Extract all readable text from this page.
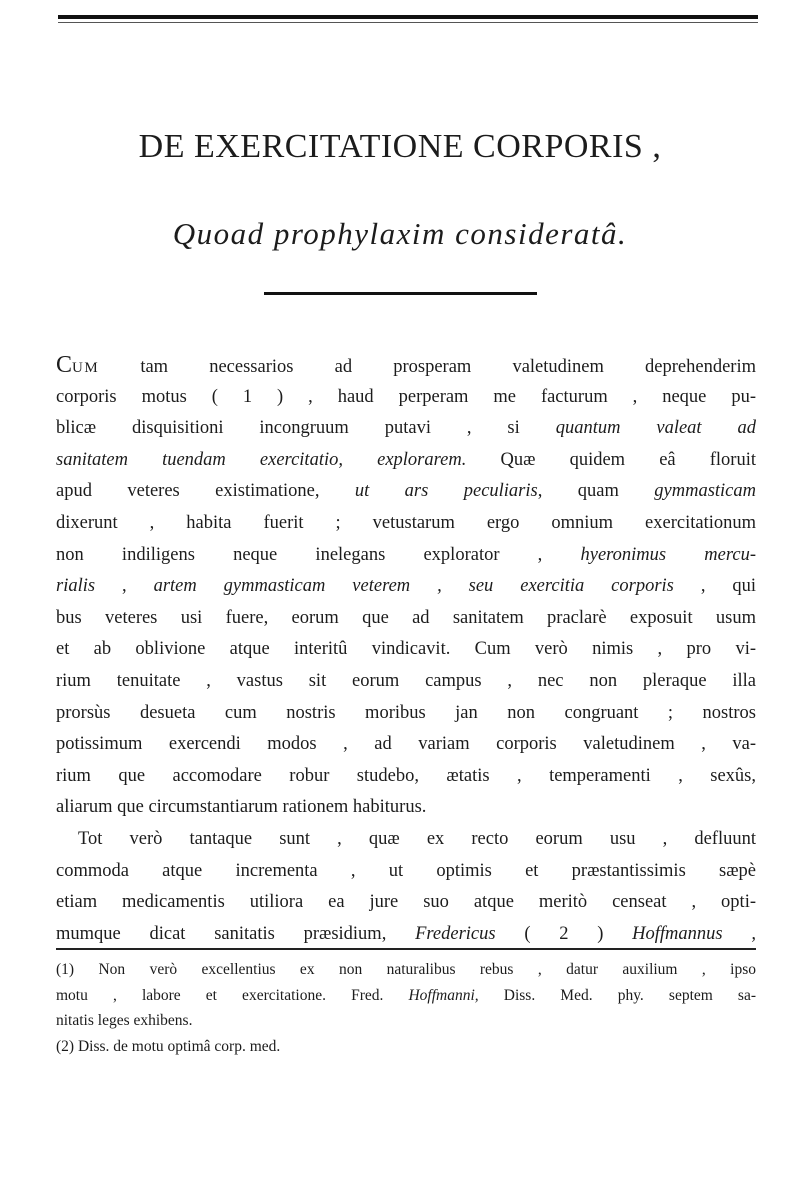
DE EXERCITATIONE CORPORIS ,
Quoad prophylaxim consideratâ.
CUM tam necessarios ad prosperam valetudinem deprehenderim
corporis motus ( 1 ) , haud perperam me facturum , neque pu-
blicæ disquisitioni incongruum putavi , si quantum valeat ad
sanitatem tuendam exercitatio, explorarem. Quæ quidem eâ floruit
apud veteres existimatione, ut ars peculiaris, quam gymmasticam
dixerunt , habita fuerit ; vetustarum ergo omnium exercitationum
non indiligens neque inelegans explorator , hyeronimus mercu-
rialis , artem gymmasticam veterem , seu exercitia corporis , qui
bus veteres usi fuere, eorum que ad sanitatem praclarè exposuit usum
et ab oblivione atque interitû vindicavit. Cum verò nimis , pro vi-
rium tenuitate , vastus sit eorum campus , nec non pleraque illa
prorsùs desueta cum nostris moribus jan non congruant ; nostros
potissimum exercendi modos , ad variam corporis valetudinem , va-
rium que accomodare robur studebo, ætatis , temperamenti , sexûs,
aliarum que circumstantiarum rationem habiturus.
Tot verò tantaque sunt , quæ ex recto eorum usu , defluunt
commoda atque incrementa , ut optimis et præstantissimis sæpè
etiam medicamentis utiliora ea jure suo atque meritò censeat , opti-
mumque dicat sanitatis præsidium, Fredericus ( 2 ) Hoffmannus ,
(1) Non verò excellentius ex non naturalibus rebus , datur auxilium , ipso
motu , labore et exercitatione. Fred. Hoffmanni, Diss. Med. phy. septem sa-
nitatis leges exhibens.
(2) Diss. de motu optimâ corp. med.
